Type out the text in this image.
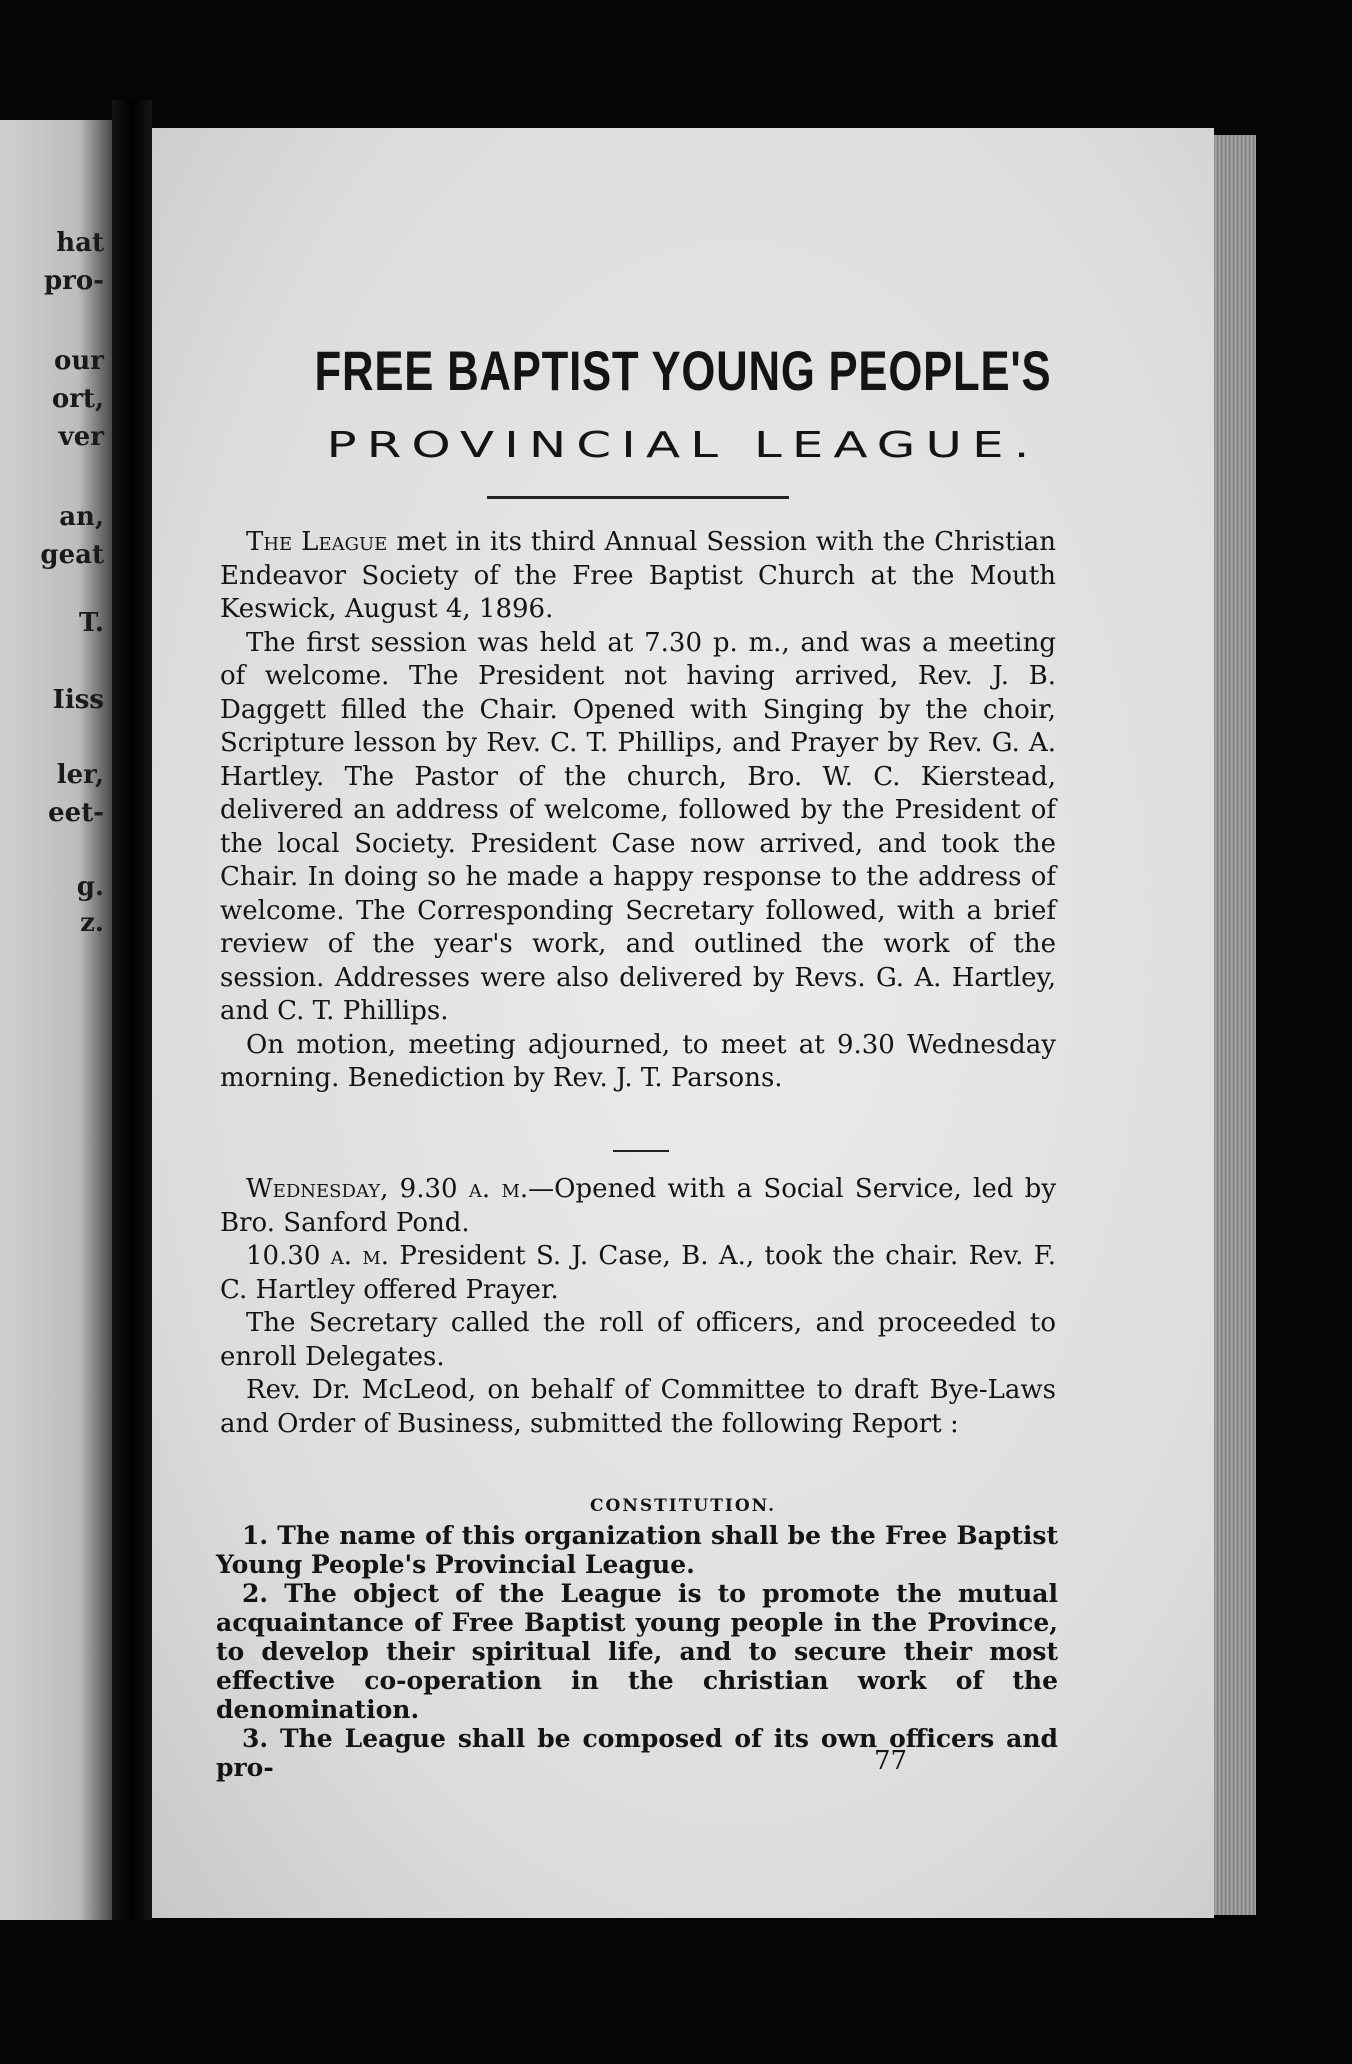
hat
pro-
our
ort,
ver
an,
geat
T.
Iiss
ler,
eet-
g.
z.
FREE BAPTIST YOUNG PEOPLE'S
PROVINCIAL LEAGUE.

The League met in its third Annual Session with the Christian Endeavor Society of the Free Baptist Church at the Mouth Keswick, August 4, 1896.

The first session was held at 7.30 p. m., and was a meeting of welcome. The President not having arrived, Rev. J. B. Daggett filled the Chair. Opened with Singing by the choir, Scripture lesson by Rev. C. T. Phillips, and Prayer by Rev. G. A. Hartley. The Pastor of the church, Bro. W. C. Kierstead, delivered an address of welcome, followed by the President of the local Society. President Case now arrived, and took the Chair. In doing so he made a happy response to the address of welcome. The Corresponding Secretary followed, with a brief review of the year's work, and outlined the work of the session. Addresses were also delivered by Revs. G. A. Hartley, and C. T. Phillips.

On motion, meeting adjourned, to meet at 9.30 Wednesday morning. Benediction by Rev. J. T. Parsons.

Wednesday, 9.30 a. m.—Opened with a Social Service, led by Bro. Sanford Pond.

10.30 a. m. President S. J. Case, B. A., took the chair. Rev. F. C. Hartley offered Prayer.

The Secretary called the roll of officers, and proceeded to enroll Delegates.

Rev. Dr. McLeod, on behalf of Committee to draft Bye-Laws and Order of Business, submitted the following Report :

CONSTITUTION.

1. The name of this organization shall be the Free Baptist Young People's Provincial League.

2. The object of the League is to promote the mutual acquaintance of Free Baptist young people in the Province, to develop their spiritual life, and to secure their most effective co-operation in the christian work of the denomination.

3. The League shall be composed of its own officers and pro-	77
